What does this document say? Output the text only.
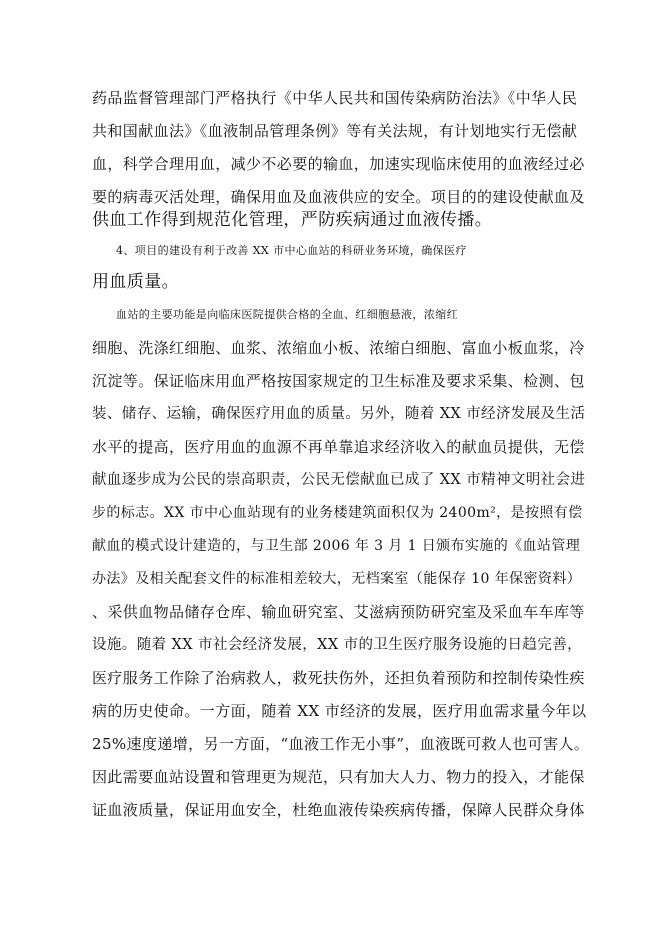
药品监督管理部门严格执行《中华人民共和国传染病防治法》《中华人民
共和国献血法》《血液制品管理条例》等有关法规，有计划地实行无偿献
血，科学合理用血，减少不必要的输血，加速实现临床使用的血液经过必
要的病毒灭活处理，确保用血及血液供应的安全。项目的的建设使献血及
供血工作得到规范化管理，严防疾病通过血液传播。
4、项目的建设有利于改善 XX 市中心血站的科研业务环境，确保医疗
用血质量。
血站的主要功能是向临床医院提供合格的全血、红细胞悬液，浓缩红
细胞、洗涤红细胞、血浆、浓缩血小板、浓缩白细胞、富血小板血浆，冷
沉淀等。保证临床用血严格按国家规定的卫生标准及要求采集、检测、包
装、储存、运输，确保医疗用血的质量。另外，随着 XX 市经济发展及生活
水平的提高，医疗用血的血源不再单靠追求经济收入的献血员提供，无偿
献血逐步成为公民的崇高职责，公民无偿献血已成了 XX 市精神文明社会进
步的标志。XX 市中心血站现有的业务楼建筑面积仅为 2400m²，是按照有偿
献血的模式设计建造的，与卫生部 2006 年 3 月 1 日颁布实施的《血站管理
办法》及相关配套文件的标准相差较大，无档案室（能保存 10 年保密资料）
、采供血物品储存仓库、输血研究室、艾滋病预防研究室及采血车车库等
设施。随着 XX 市社会经济发展，XX 市的卫生医疗服务设施的日趋完善，
医疗服务工作除了治病救人，救死扶伤外，还担负着预防和控制传染性疾
病的历史使命。一方面，随着 XX 市经济的发展，医疗用血需求量今年以
25%速度递增，另一方面，“血液工作无小事”，血液既可救人也可害人。
因此需要血站设置和管理更为规范，只有加大人力、物力的投入，才能保
证血液质量，保证用血安全，杜绝血液传染疾病传播，保障人民群众身体
